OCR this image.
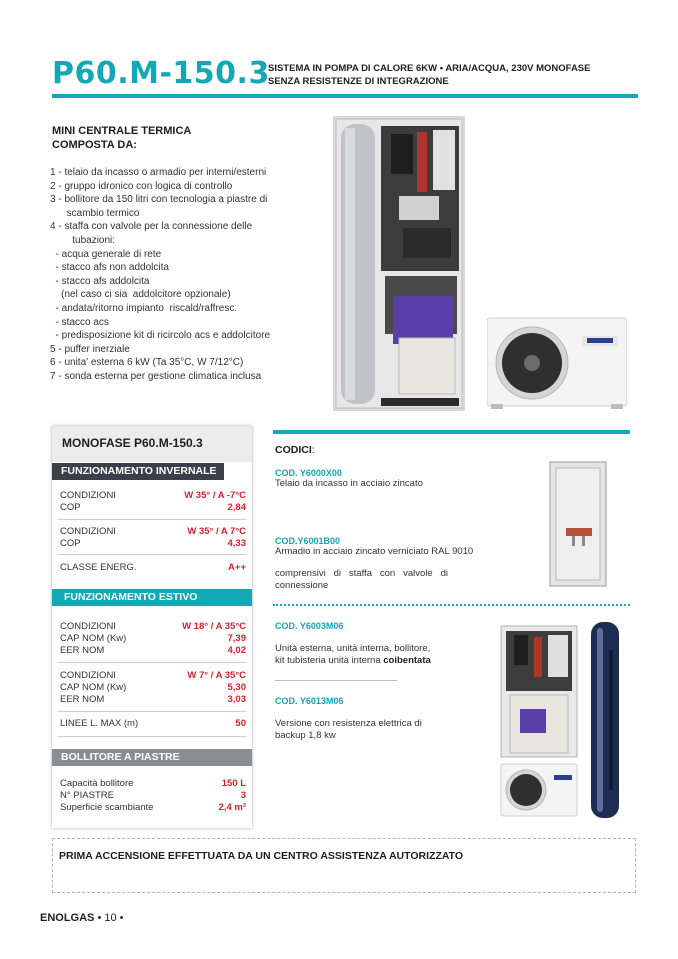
P60.M-150.3
SISTEMA IN POMPA DI CALORE 6KW • ARIA/ACQUA, 230V MONOFASE
SENZA RESISTENZE DI INTEGRAZIONE
MINI CENTRALE TERMICA
COMPOSTA DA:
1 - telaio da incasso o armadio per interni/esterni
2 - gruppo idronico con logica di controllo
3 - bollitore da 150 litri con tecnologia a piastre di
scambio termico
4 - staffa con valvole per la connessione delle
tubazioni:
- acqua generale di rete
- stacco afs non addolcita
- stacco afs addolcita
(nel caso ci sia  addolcitore opzionale)
- andata/ritorno impianto  riscald/raffresc.
- stacco acs
- predisposizione kit di ricircolo acs e addolcitore
5 - puffer inerziale
6 - unita' esterna 6 kW (Ta 35°C, W 7/12°C)
7 - sonda esterna per gestione climatica inclusa
MONOFASE P60.M-150.3
FUNZIONAMENTO INVERNALE
CONDIZIONI	W 35° / A -7°C
COP	2,84
CONDIZIONI	W 35° / A 7°C
COP	4,33
CLASSE ENERG.	A++
FUNZIONAMENTO ESTIVO
CONDIZIONI	W 18° / A 35°C
CAP NOM (Kw)	7,39
EER NOM	4,02
CONDIZIONI	W 7° / A 35°C
CAP NOM (Kw)	5,30
EER NOM	3,03
LINEE L. MAX (m)	50
BOLLITORE A PIASTRE
Capacità bollitore	150 L
N° PIASTRE	3
Superficie scambiante	2,4 m²
CODICI:
COD. Y6000X00
Telaio da incasso in acciaio zincato
COD.Y6001B00
Armadio in acciaio zincato verniciato RAL 9010
comprensivi   di   staffa   con   valvole   di
connessione
COD. Y6003M06
Unità esterna, unità interna, bollitore,
kit tubisteria unità interna coibentata
COD. Y6013M06
Versione con resistenza elettrica di
backup 1,8 kw
PRIMA ACCENSIONE EFFETTUATA DA UN CENTRO ASSISTENZA AUTORIZZATO
ENOLGAS • 10 •
